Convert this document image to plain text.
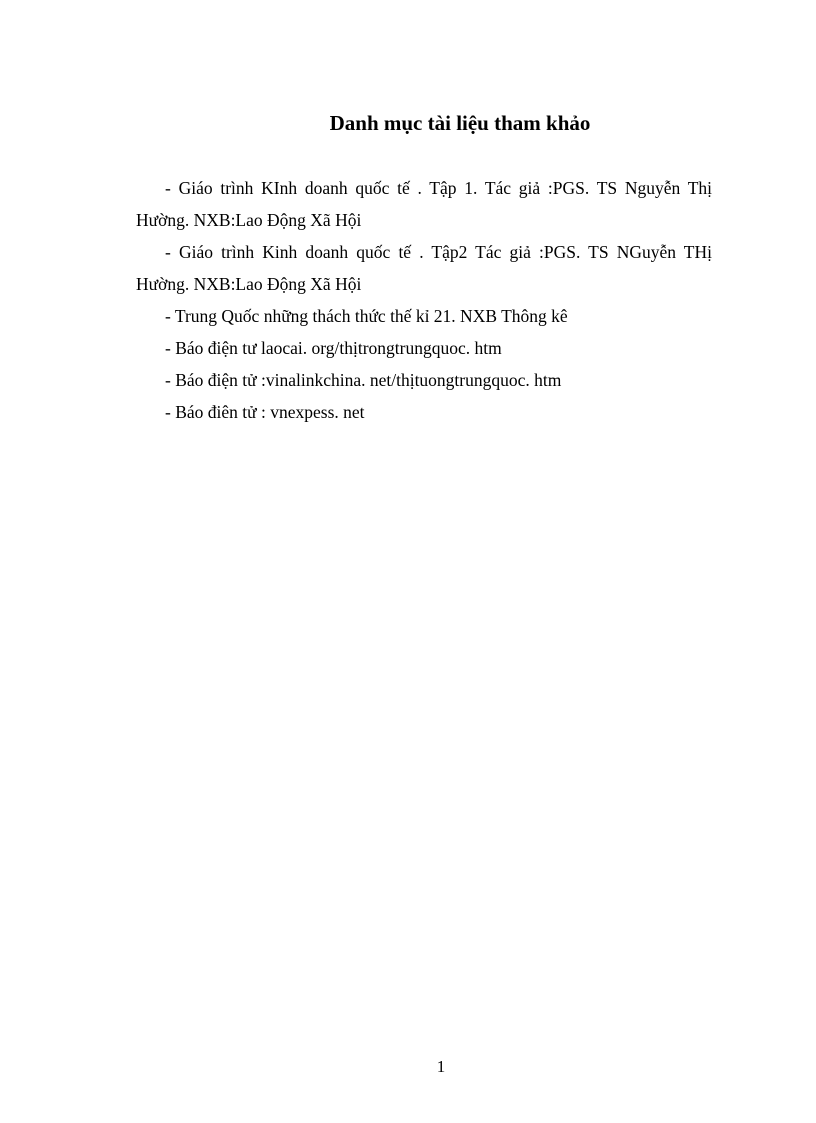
Danh mục tài liệu tham khảo
- Giáo trình KInh doanh quốc tế . Tập 1. Tác giả :PGS. TS Nguyễn Thị Hường. NXB:Lao Động Xã Hội
- Giáo trình Kinh doanh quốc tế . Tập2 Tác giả :PGS. TS NGuyễn THị Hường. NXB:Lao Động Xã Hội
- Trung Quốc những thách thức thế kỉ 21. NXB Thông kê
- Báo điện tư laocai. org/thịtrongtrungquoc. htm
- Báo điện tử :vinalinkchina. net/thịtuongtrungquoc. htm
- Báo điên tử : vnexpess. net
1
